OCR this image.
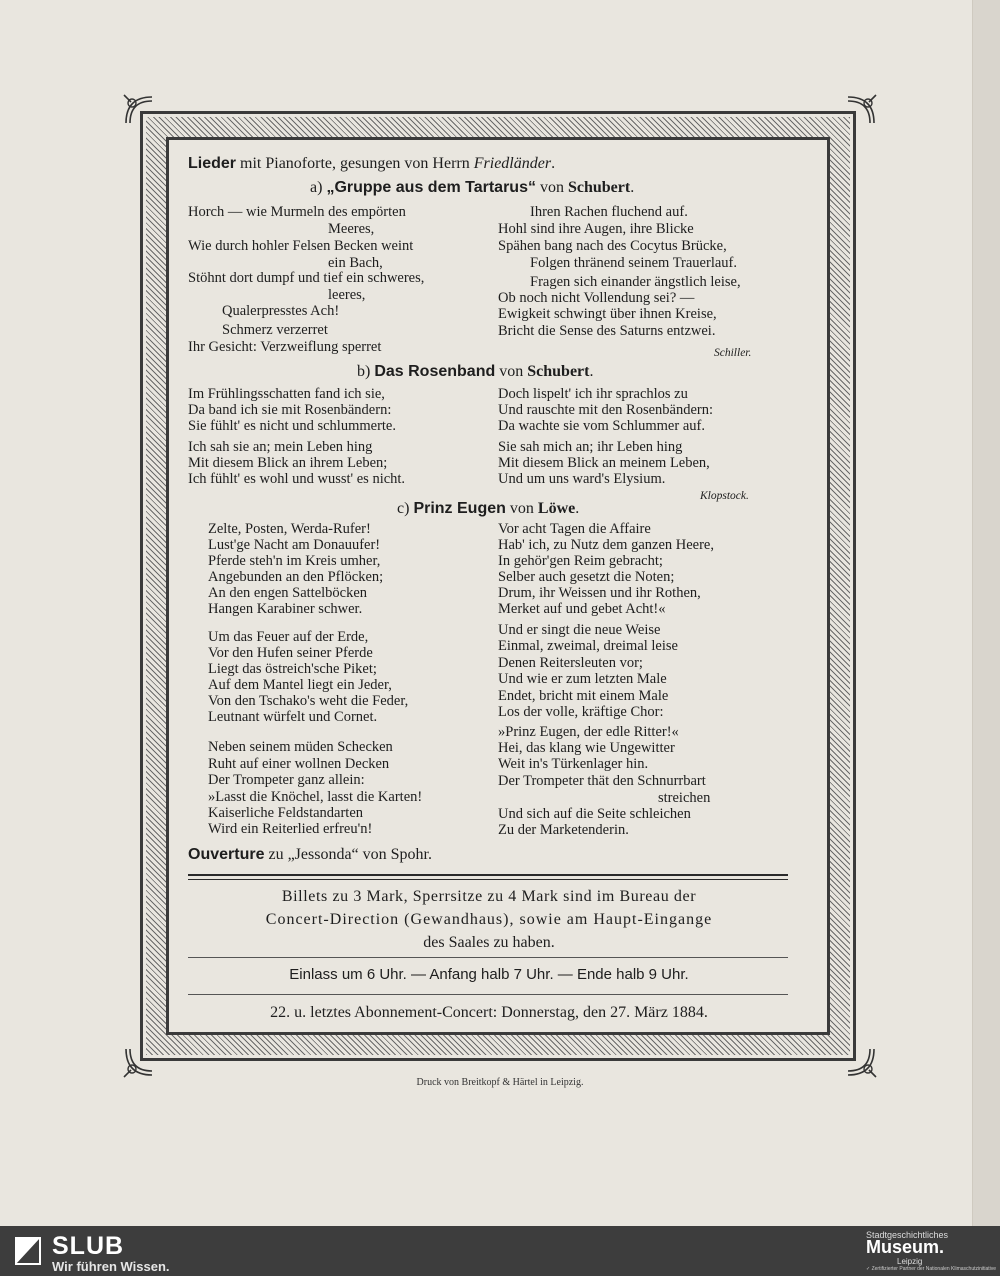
Lieder mit Pianoforte, gesungen von Herrn Friedländer.
a) „Gruppe aus dem Tartarus“ von Schubert.
Horch — wie Murmeln des empörten
Meeres,
Wie durch hohler Felsen Becken weint
ein Bach,
Stöhnt dort dumpf und tief ein schweres,
leeres,
Qualerpresstes Ach!
Schmerz verzerret
Ihr Gesicht: Verzweiflung sperret
Ihren Rachen fluchend auf.
Hohl sind ihre Augen, ihre Blicke
Spähen bang nach des Cocytus Brücke,
Folgen thränend seinem Trauerlauf.
Fragen sich einander ängstlich leise,
Ob noch nicht Vollendung sei? —
Ewigkeit schwingt über ihnen Kreise,
Bricht die Sense des Saturns entzwei.
Schiller.
b) Das Rosenband von Schubert.
Im Frühlingsschatten fand ich sie,
Da band ich sie mit Rosenbändern:
Sie fühlt' es nicht und schlummerte.
Ich sah sie an; mein Leben hing
Mit diesem Blick an ihrem Leben;
Ich fühlt' es wohl und wusst' es nicht.
Doch lispelt' ich ihr sprachlos zu
Und rauschte mit den Rosenbändern:
Da wachte sie vom Schlummer auf.
Sie sah mich an; ihr Leben hing
Mit diesem Blick an meinem Leben,
Und um uns ward's Elysium.
Klopstock.
c) Prinz Eugen von Löwe.
Zelte, Posten, Werda-Rufer!
Lust'ge Nacht am Donauufer!
Pferde steh'n im Kreis umher,
Angebunden an den Pflöcken;
An den engen Sattelböcken
Hangen Karabiner schwer.
Um das Feuer auf der Erde,
Vor den Hufen seiner Pferde
Liegt das östreich'sche Piket;
Auf dem Mantel liegt ein Jeder,
Von den Tschako's weht die Feder,
Leutnant würfelt und Cornet.
Neben seinem müden Schecken
Ruht auf einer wollnen Decken
Der Trompeter ganz allein:
»Lasst die Knöchel, lasst die Karten!
Kaiserliche Feldstandarten
Wird ein Reiterlied erfreu'n!
Vor acht Tagen die Affaire
Hab' ich, zu Nutz dem ganzen Heere,
In gehör'gen Reim gebracht;
Selber auch gesetzt die Noten;
Drum, ihr Weissen und ihr Rothen,
Merket auf und gebet Acht!«
Und er singt die neue Weise
Einmal, zweimal, dreimal leise
Denen Reitersleuten vor;
Und wie er zum letzten Male
Endet, bricht mit einem Male
Los der volle, kräftige Chor:
»Prinz Eugen, der edle Ritter!«
Hei, das klang wie Ungewitter
Weit in's Türkenlager hin.
Der Trompeter thät den Schnurrbart
streichen
Und sich auf die Seite schleichen
Zu der Marketenderin.
Ouverture zu „Jessonda“ von Spohr.
Billets zu 3 Mark, Sperrsitze zu 4 Mark sind im Bureau der
Concert-Direction (Gewandhaus), sowie am Haupt-Eingange
des Saales zu haben.
Einlass um 6 Uhr. — Anfang halb 7 Uhr. — Ende halb 9 Uhr.
22. u. letztes Abonnement-Concert: Donnerstag, den 27. März 1884.
Druck von Breitkopf & Härtel in Leipzig.
SLUB
Wir führen Wissen.
Stadtgeschichtliches
Museum.
Leipzig
✓ Zertifizierter Partner der Nationalen Klimaschutzinitiative
